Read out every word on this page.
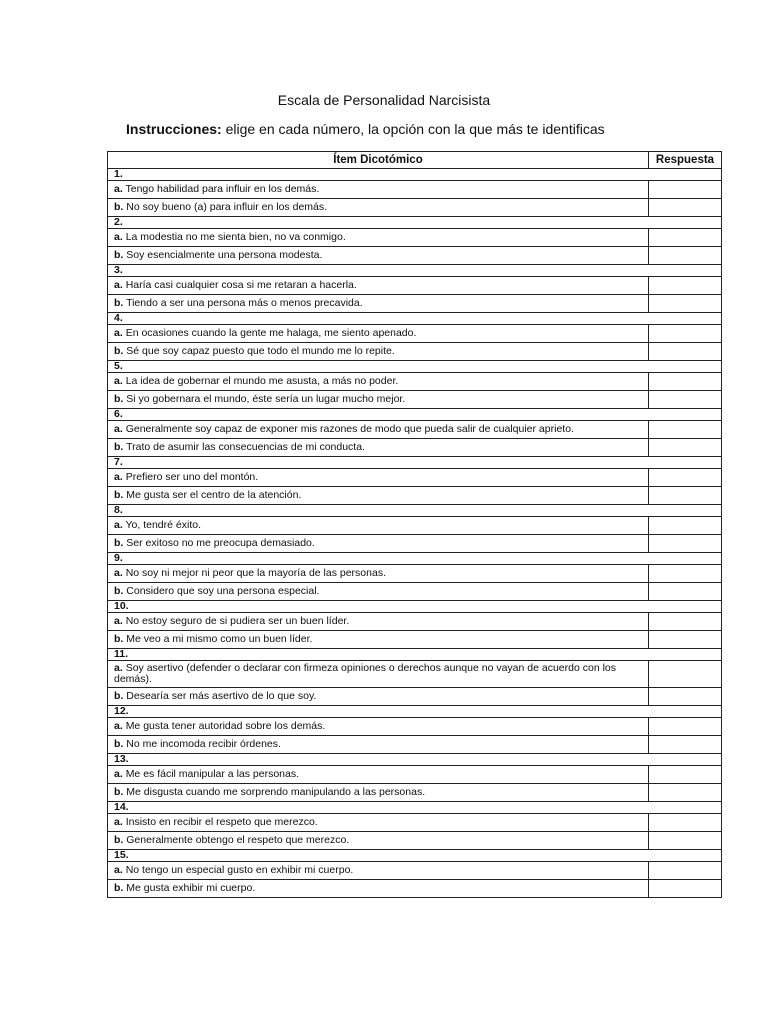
Escala de Personalidad Narcisista
Instrucciones: elige en cada número, la opción con la que más te identificas
Ítem Dicotómico	Respuesta
1.	
a. Tengo habilidad para influir en los demás.	
b. No soy bueno (a) para influir en los demás.	
2.	
a. La modestia no me sienta bien, no va conmigo.	
b. Soy esencialmente una persona modesta.	
3.	
a. Haría casi cualquier cosa si me retaran a hacerla.	
b. Tiendo a ser una persona más o menos precavida.	
4.	
a. En ocasiones cuando la gente me halaga, me siento apenado.	
b. Sé que soy capaz puesto que todo el mundo me lo repite.	
5.	
a. La idea de gobernar el mundo me asusta, a más no poder.	
b. Si yo gobernara el mundo, éste sería un lugar mucho mejor.	
6.	
a. Generalmente soy capaz de exponer mis razones de modo que pueda salir de cualquier aprieto.	
b. Trato de asumir las consecuencias de mi conducta.	
7.	
a. Prefiero ser uno del montón.	
b. Me gusta ser el centro de la atención.	
8.	
a. Yo, tendré éxito.	
b. Ser exitoso no me preocupa demasiado.	
9.	
a. No soy ni mejor ni peor que la mayoría de las personas.	
b. Considero que soy una persona especial.	
10.	
a. No estoy seguro de si pudiera ser un buen líder.	
b. Me veo a mi mismo como un buen líder.	
11.	
a. Soy asertivo (defender o declarar con firmeza opiniones o derechos aunque no vayan de acuerdo con los demás).	
b. Desearía ser más asertivo de lo que soy.	
12.	
a. Me gusta tener autoridad sobre los demás.	
b. No me incomoda recibir órdenes.	
13.	
a. Me es fácil manipular a las personas.	
b. Me disgusta cuando me sorprendo manipulando a las personas.	
14.	
a. Insisto en recibir el respeto que merezco.	
b. Generalmente obtengo el respeto que merezco.	
15.	
a. No tengo un especial gusto en exhibir mi cuerpo.	
b. Me gusta exhibir mi cuerpo.	
